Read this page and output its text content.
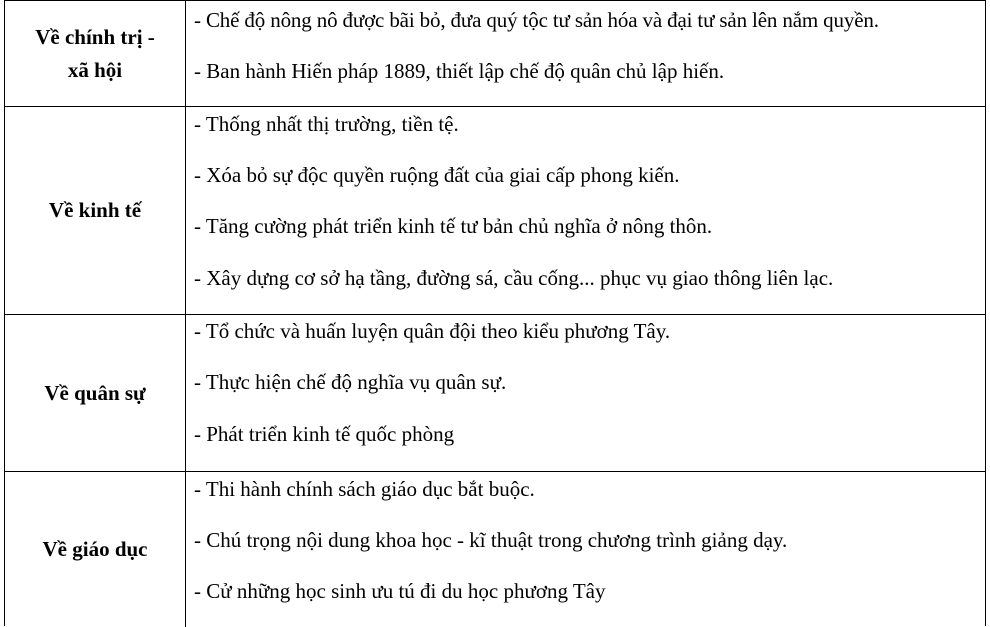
Về chính trị -
xã hội
- Chế độ nông nô được bãi bỏ, đưa quý tộc tư sản hóa và đại tư sản lên nắm quyền.
- Ban hành Hiến pháp 1889, thiết lập chế độ quân chủ lập hiến.
Về kinh tế
- Thống nhất thị trường, tiền tệ.
- Xóa bỏ sự độc quyền ruộng đất của giai cấp phong kiến.
- Tăng cường phát triển kinh tế tư bản chủ nghĩa ở nông thôn.
- Xây dựng cơ sở hạ tầng, đường sá, cầu cống... phục vụ giao thông liên lạc.
Về quân sự
- Tổ chức và huấn luyện quân đội theo kiểu phương Tây.
- Thực hiện chế độ nghĩa vụ quân sự.
- Phát triển kinh tế quốc phòng
Về giáo dục
- Thi hành chính sách giáo dục bắt buộc.
- Chú trọng nội dung khoa học - kĩ thuật trong chương trình giảng dạy.
- Cử những học sinh ưu tú đi du học phương Tây
